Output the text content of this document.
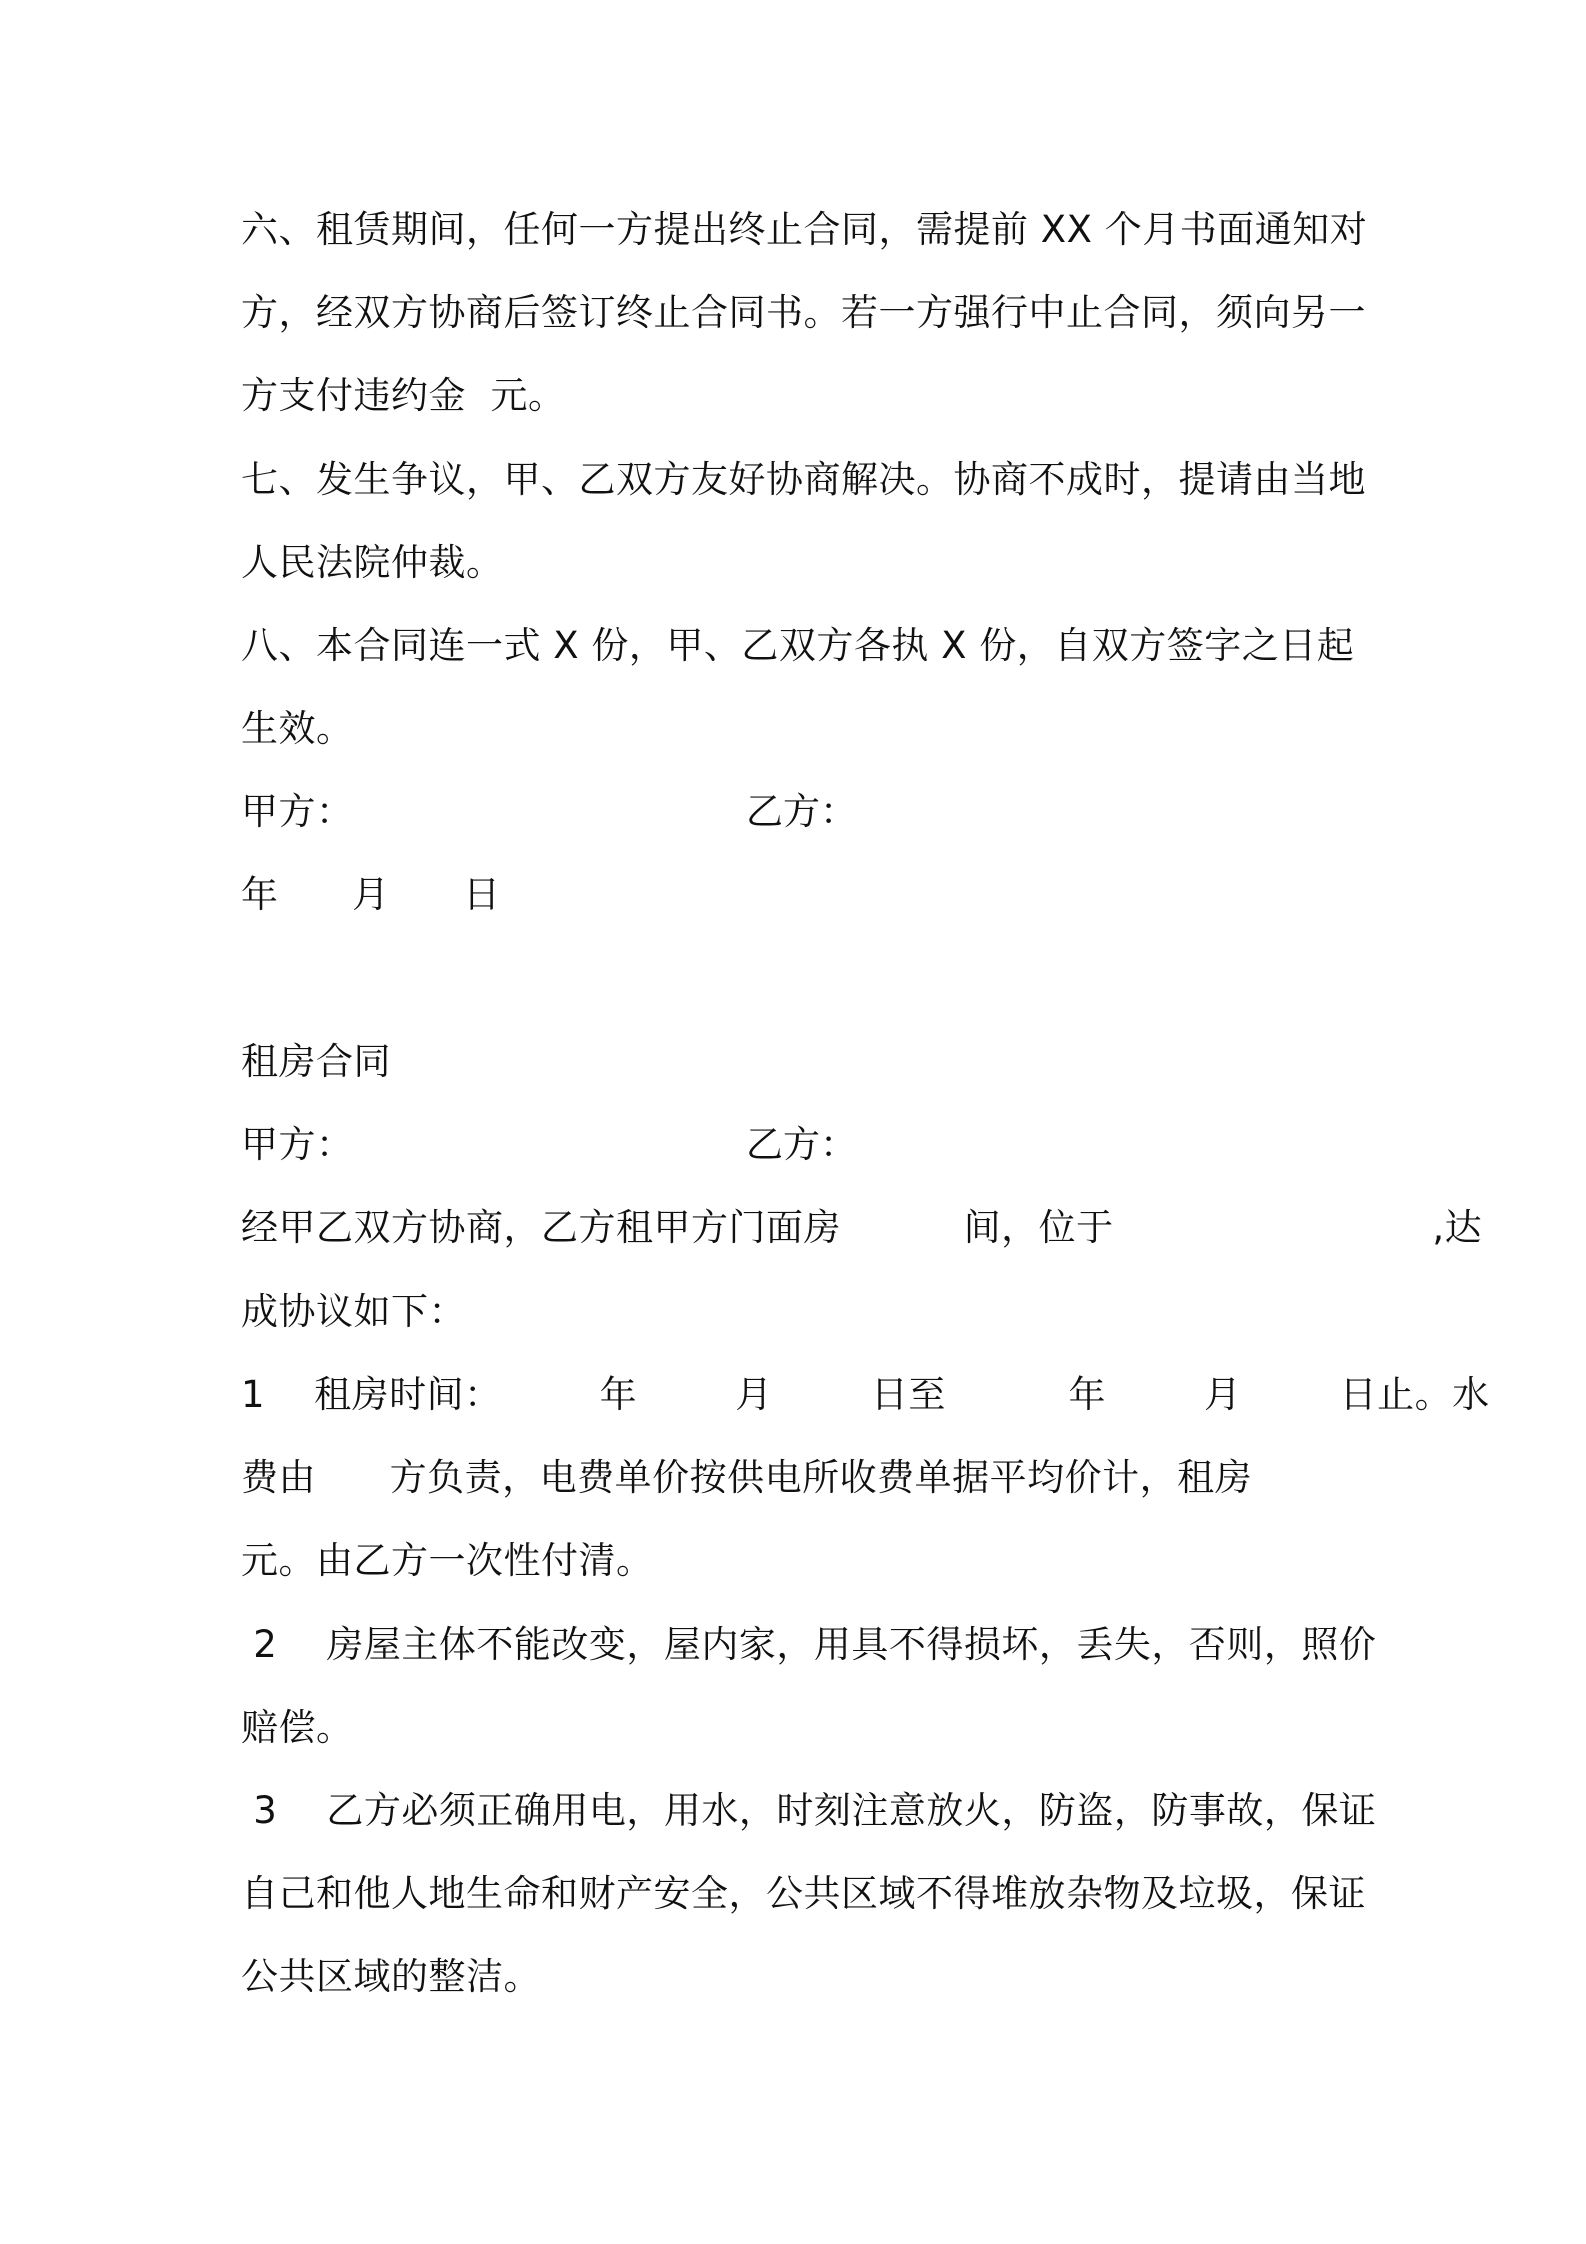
六、租赁期间，任何一方提出终止合同，需提前 XX 个月书面通知对
方，经双方协商后签订终止合同书。若一方强行中止合同，须向另一
方支付违约金  元。
七、发生争议，甲、乙双方友好协商解决。协商不成时，提请由当地
人民法院仲裁。
八、本合同连一式 X 份，甲、乙双方各执 X 份，自双方签字之日起
生效。
甲方：	乙方：
年      月      日
租房合同
甲方：	乙方：
经甲乙双方协商，乙方租甲方门面房          间，位于                          ,达
成协议如下：
1    租房时间：        年        月        日至          年        月        日止。水
费由      方负责，电费单价按供电所收费单据平均价计，租房
元。由乙方一次性付清。
2    房屋主体不能改变，屋内家，用具不得损坏，丢失，否则，照价
赔偿。
3    乙方必须正确用电，用水，时刻注意放火，防盗，防事故，保证
自己和他人地生命和财产安全，公共区域不得堆放杂物及垃圾，保证
公共区域的整洁。
